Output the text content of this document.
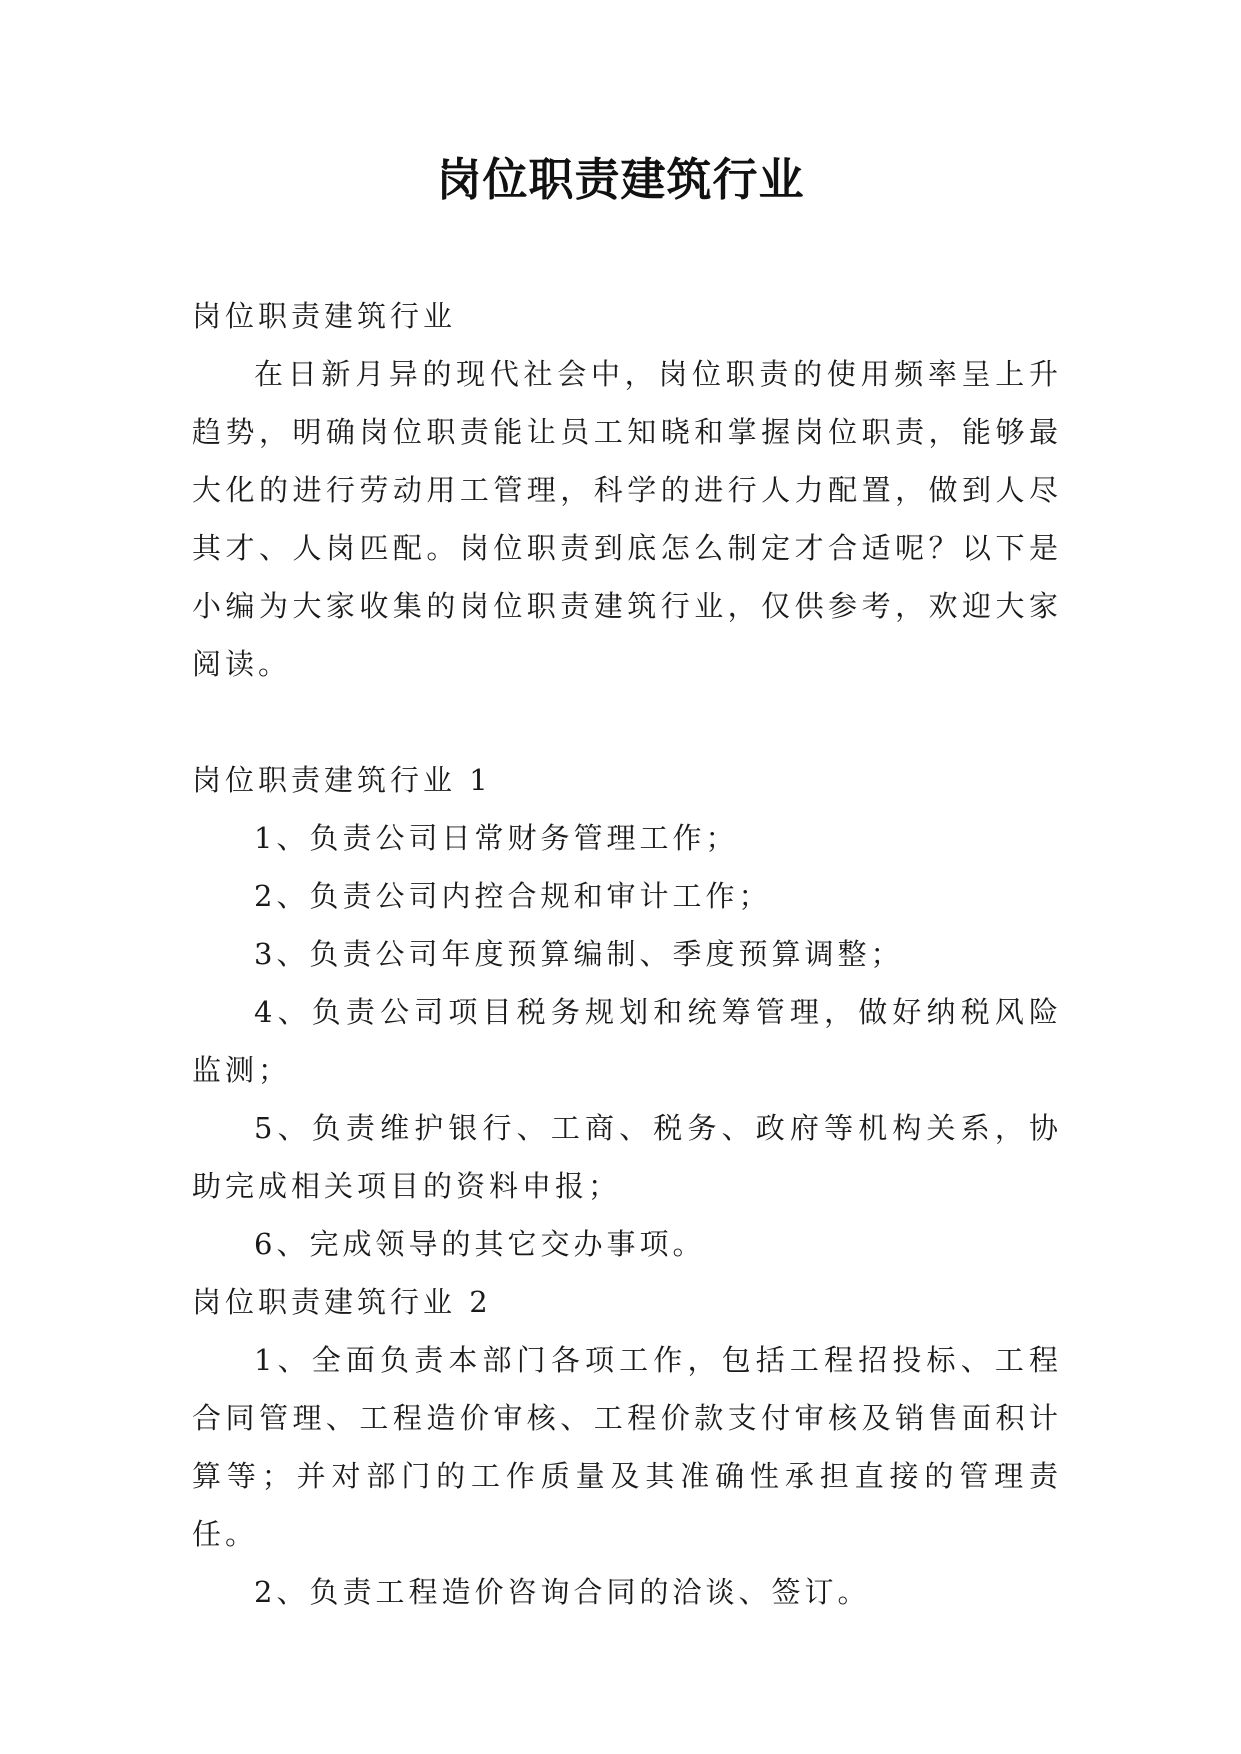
岗位职责建筑行业

岗位职责建筑行业

在日新月异的现代社会中，岗位职责的使用频率呈上升趋势，明确岗位职责能让员工知晓和掌握岗位职责，能够最大化的进行劳动用工管理，科学的进行人力配置，做到人尽其才、人岗匹配。岗位职责到底怎么制定才合适呢？以下是小编为大家收集的岗位职责建筑行业，仅供参考，欢迎大家阅读。

岗位职责建筑行业 1

1、负责公司日常财务管理工作；

2、负责公司内控合规和审计工作；

3、负责公司年度预算编制、季度预算调整；

4、负责公司项目税务规划和统筹管理，做好纳税风险监测；

5、负责维护银行、工商、税务、政府等机构关系，协助完成相关项目的资料申报；

6、完成领导的其它交办事项。

岗位职责建筑行业 2

1、全面负责本部门各项工作，包括工程招投标、工程合同管理、工程造价审核、工程价款支付审核及销售面积计算等；并对部门的工作质量及其准确性承担直接的管理责任。

2、负责工程造价咨询合同的洽谈、签订。
